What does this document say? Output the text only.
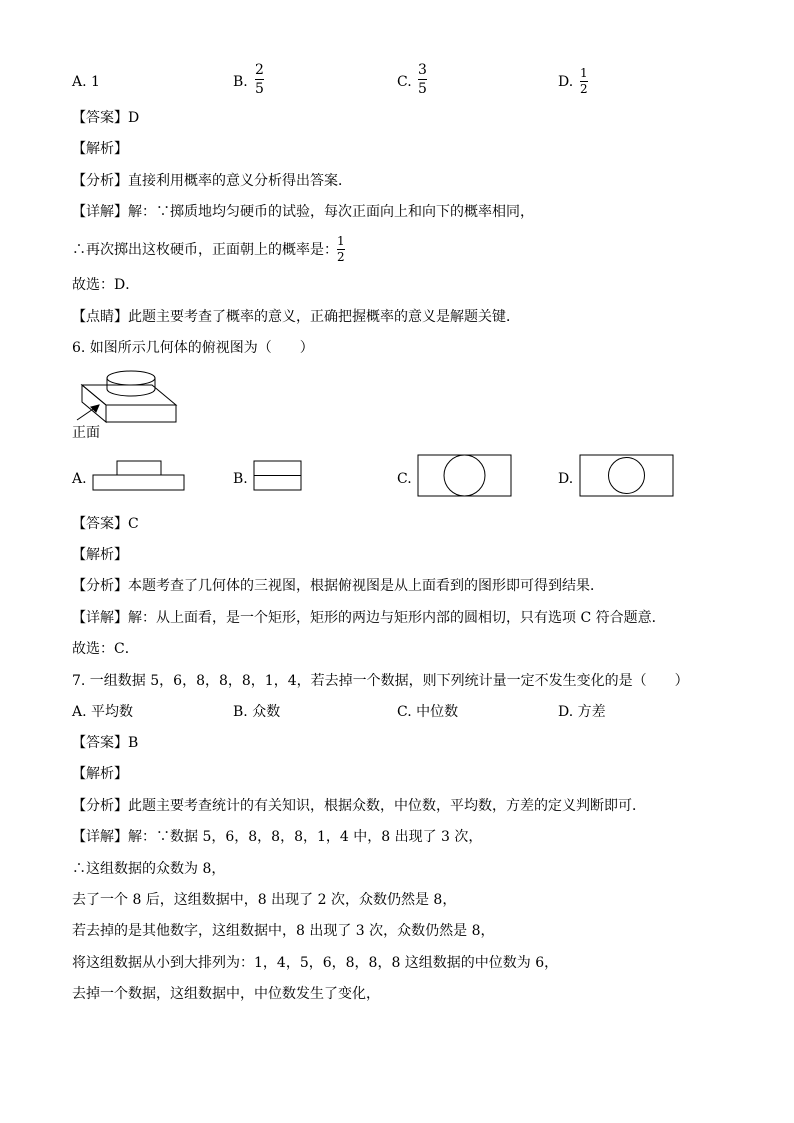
A. 1	B.
2
5	C.
3
5	D.
1
2
【答案】D
【解析】
【分析】直接利用概率的意义分析得出答案．
【详解】解：∵掷质地均匀硬币的试验，每次正面向上和向下的概率相同，
∴再次掷出这枚硬币，正面朝上的概率是：
1
2
故选：D．
【点睛】此题主要考查了概率的意义，正确把握概率的意义是解题关键．
6. 如图所示几何体的俯视图为（　　）
正面
A.	B.	C.	D.
【答案】C
【解析】
【分析】本题考查了几何体的三视图，根据俯视图是从上面看到的图形即可得到结果．
【详解】解：从上面看，是一个矩形，矩形的两边与矩形内部的圆相切，只有选项 C 符合题意．
故选：C．
7. 一组数据 5，6，8，8，8，1，4，若去掉一个数据，则下列统计量一定不发生变化的是（　　）
A. 平均数	B. 众数	C. 中位数	D. 方差
【答案】B
【解析】
【分析】此题主要考查统计的有关知识，根据众数，中位数，平均数，方差的定义判断即可．
【详解】解：∵数据 5，6，8，8，8，1，4 中，8 出现了 3 次，
∴这组数据的众数为 8，
去了一个 8 后，这组数据中，8 出现了 2 次，众数仍然是 8，
若去掉的是其他数字，这组数据中，8 出现了 3 次，众数仍然是 8，
将这组数据从小到大排列为：1，4，5，6，8，8，8 这组数据的中位数为 6，
去掉一个数据，这组数据中，中位数发生了变化，
